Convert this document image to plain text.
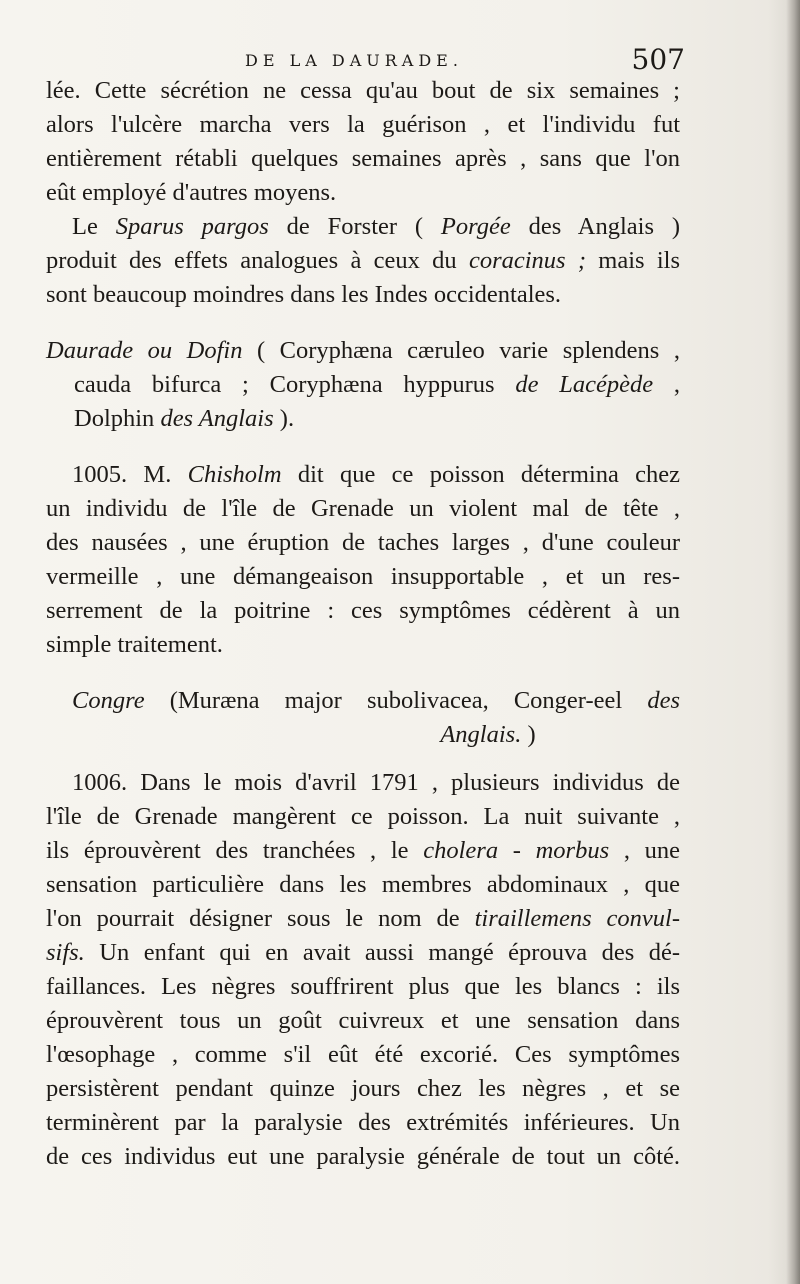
DE LA DAURADE.	507
lée. Cette sécrétion ne cessa qu'au bout de six semaines ;
alors l'ulcère marcha vers la guérison , et l'individu fut
entièrement rétabli quelques semaines après , sans que l'on
eût employé d'autres moyens.
Le Sparus pargos de Forster ( Porgée des Anglais )
produit des effets analogues à ceux du coracinus ; mais ils
sont beaucoup moindres dans les Indes occidentales.
Daurade ou Dofin ( Coryphæna cæruleo varie splendens ,
cauda bifurca ; Coryphæna hyppurus de Lacépède ,
Dolphin des Anglais ).
1005. M. Chisholm dit que ce poisson détermina chez
un individu de l'île de Grenade un violent mal de tête ,
des nausées , une éruption de taches larges , d'une couleur
vermeille , une démangeaison insupportable , et un res-
serrement de la poitrine : ces symptômes cédèrent à un
simple traitement.
Congre (Muræna major subolivacea, Conger-eel des
Anglais. )
1006. Dans le mois d'avril 1791 , plusieurs individus de
l'île de Grenade mangèrent ce poisson. La nuit suivante ,
ils éprouvèrent des tranchées , le cholera - morbus , une
sensation particulière dans les membres abdominaux , que
l'on pourrait désigner sous le nom de tiraillemens convul-
sifs. Un enfant qui en avait aussi mangé éprouva des dé-
faillances. Les nègres souffrirent plus que les blancs : ils
éprouvèrent tous un goût cuivreux et une sensation dans
l'œsophage , comme s'il eût été excorié. Ces symptômes
persistèrent pendant quinze jours chez les nègres , et se
terminèrent par la paralysie des extrémités inférieures. Un
de ces individus eut une paralysie générale de tout un côté.
